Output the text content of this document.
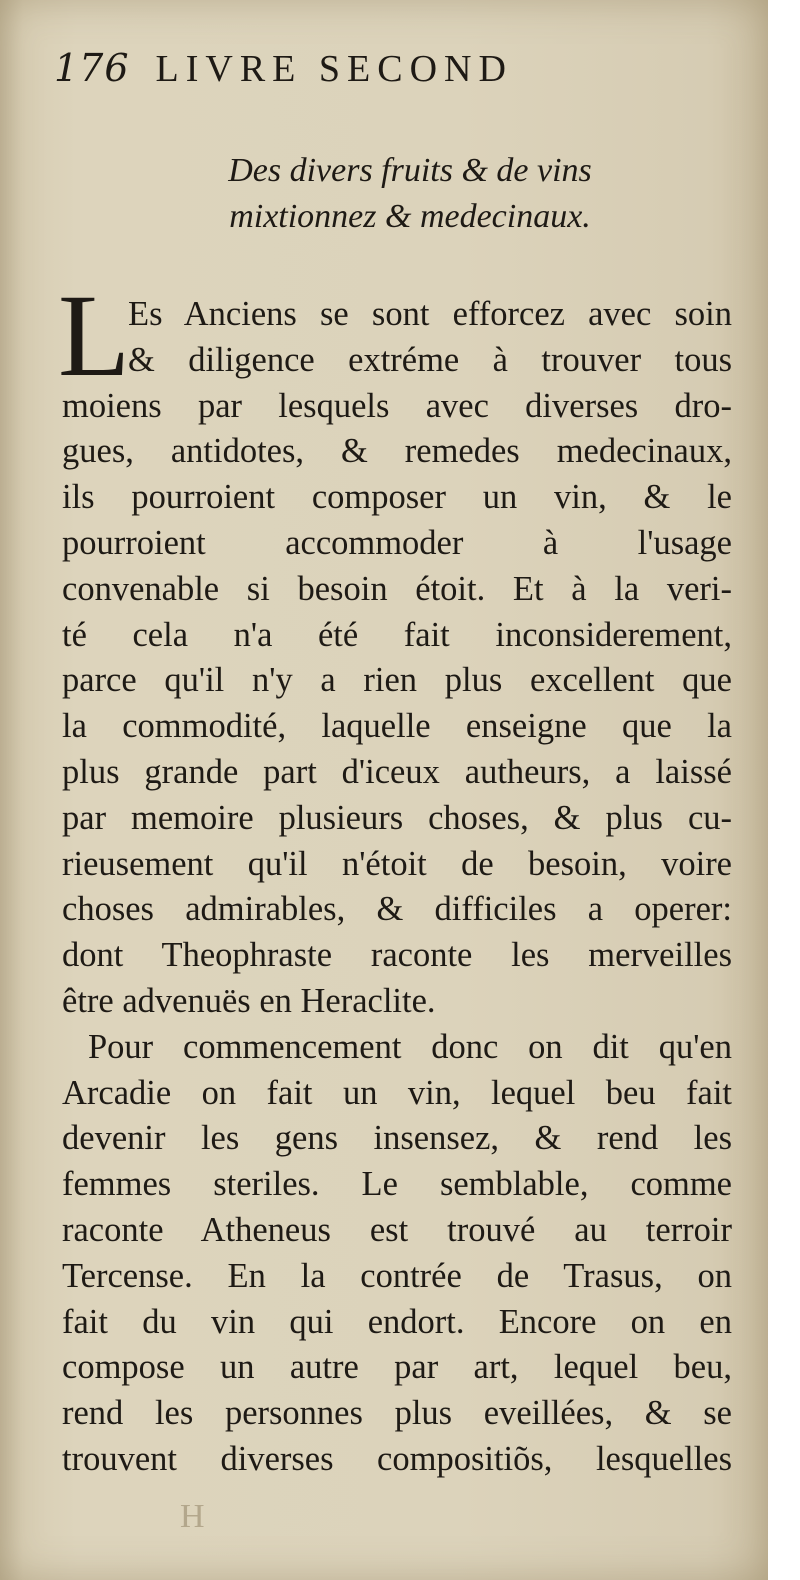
176 LIVRE SECOND
Des divers fruits & de vins
mixtionnez & medecinaux.
L
Es Anciens se sont efforcez avec soin
& diligence extréme à trouver tous
moiens par lesquels avec diverses dro-
gues, antidotes, & remedes medecinaux,
ils pourroient composer un vin, & le
pourroient accommoder à l'usage
convenable si besoin étoit. Et à la veri-
té cela n'a été fait inconsiderement,
parce qu'il n'y a rien plus excellent que
la commodité, laquelle enseigne que la
plus grande part d'iceux autheurs, a laissé
par memoire plusieurs choses, & plus cu-
rieusement qu'il n'étoit de besoin, voire
choses admirables, & difficiles a operer:
dont Theophraste raconte les merveilles
être advenuës en Heraclite.
Pour commencement donc on dit qu'en
Arcadie on fait un vin, lequel beu fait
devenir les gens insensez, & rend les
femmes steriles. Le semblable, comme
raconte Atheneus est trouvé au terroir
Tercense. En la contrée de Trasus, on
fait du vin qui endort. Encore on en
compose un autre par art, lequel beu,
rend les personnes plus eveillées, & se
trouvent diverses compositiõs, lesquelles
H
